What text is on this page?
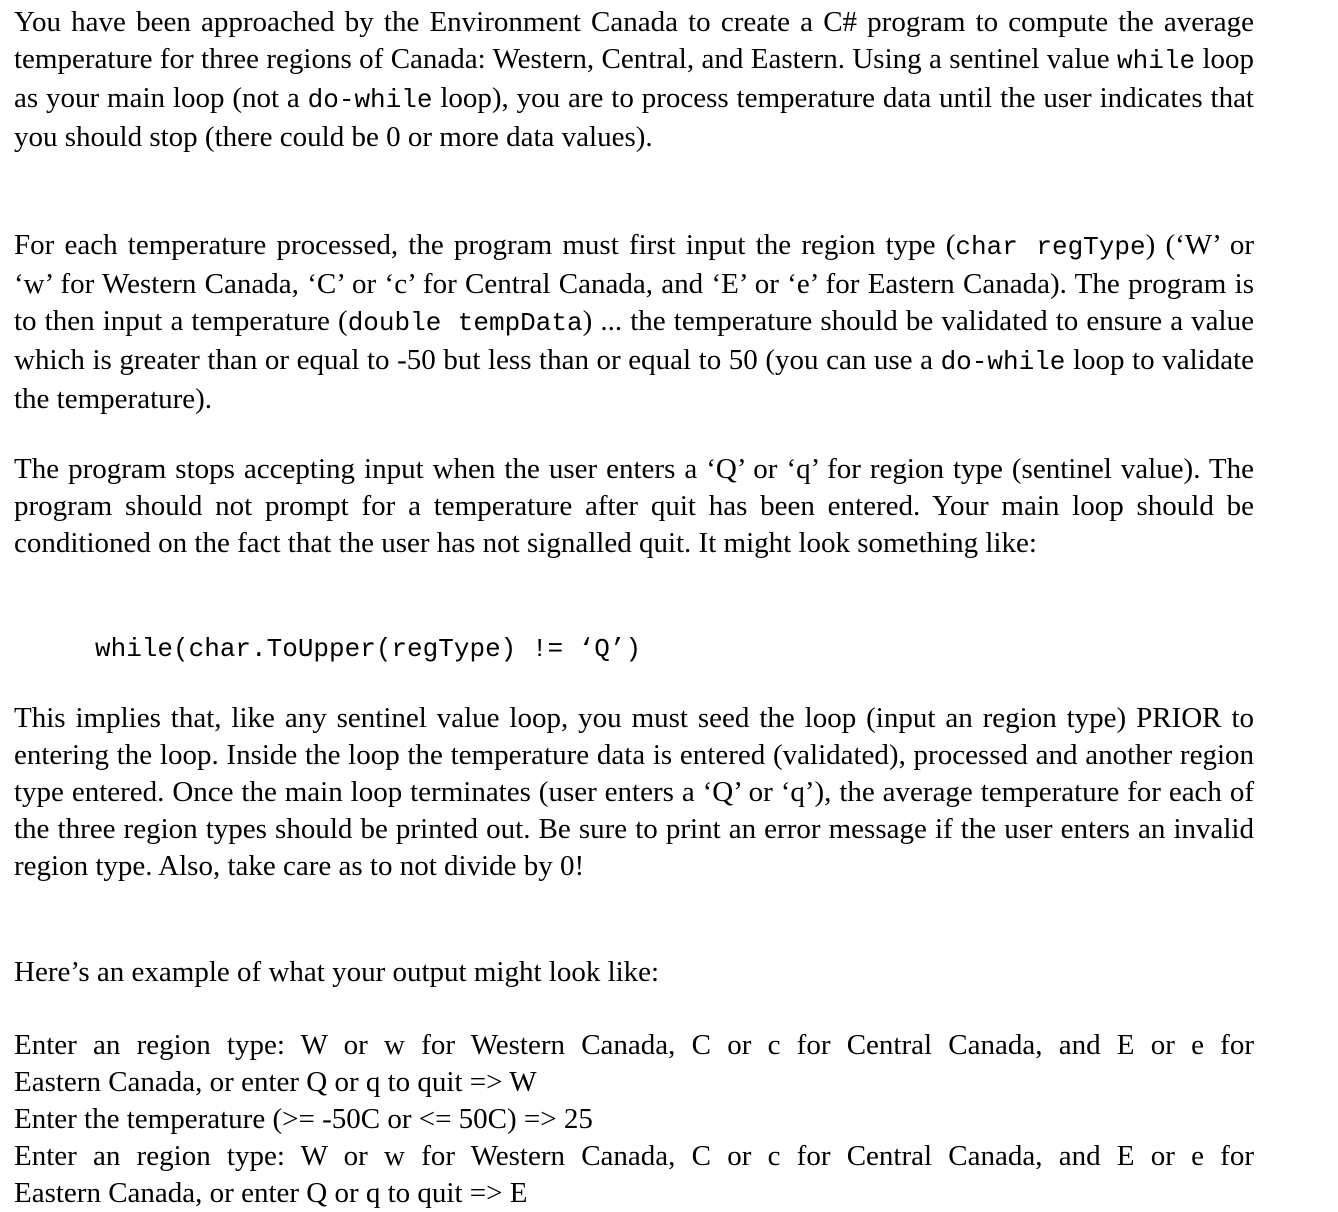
You have been approached by the Environment Canada to create a C# program to compute the average temperature for three regions of Canada: Western, Central, and Eastern. Using a sentinel value while loop as your main loop (not a do-while loop), you are to process temperature data until the user indicates that you should stop (there could be 0 or more data values).

For each temperature processed, the program must first input the region type (char regType) (‘W’ or ‘w’ for Western Canada, ‘C’ or ‘c’ for Central Canada, and ‘E’ or ‘e’ for Eastern Canada). The program is to then input a temperature (double tempData) ... the temperature should be validated to ensure a value which is greater than or equal to -50 but less than or equal to 50 (you can use a do-while loop to validate the temperature).

The program stops accepting input when the user enters a ‘Q’ or ‘q’ for region type (sentinel value). The program should not prompt for a temperature after quit has been entered. Your main loop should be conditioned on the fact that the user has not signalled quit. It might look something like:

This implies that, like any sentinel value loop, you must seed the loop (input an region type) PRIOR to entering the loop. Inside the loop the temperature data is entered (validated), processed and another region type entered. Once the main loop terminates (user enters a ‘Q’ or ‘q’), the average temperature for each of the three region types should be printed out. Be sure to print an error message if the user enters an invalid region type. Also, take care as to not divide by 0!

Here’s an example of what your output might look like:

Enter an region type: W or w for Western Canada, C or c for Central Canada, and E or e for
Eastern Canada, or enter Q or q to quit => W
Enter the temperature (>= -50C or <= 50C) => 25
Enter an region type: W or w for Western Canada, C or c for Central Canada, and E or e for
Eastern Canada, or enter Q or q to quit => E
while(char.ToUpper(regType) != ‘Q’)
